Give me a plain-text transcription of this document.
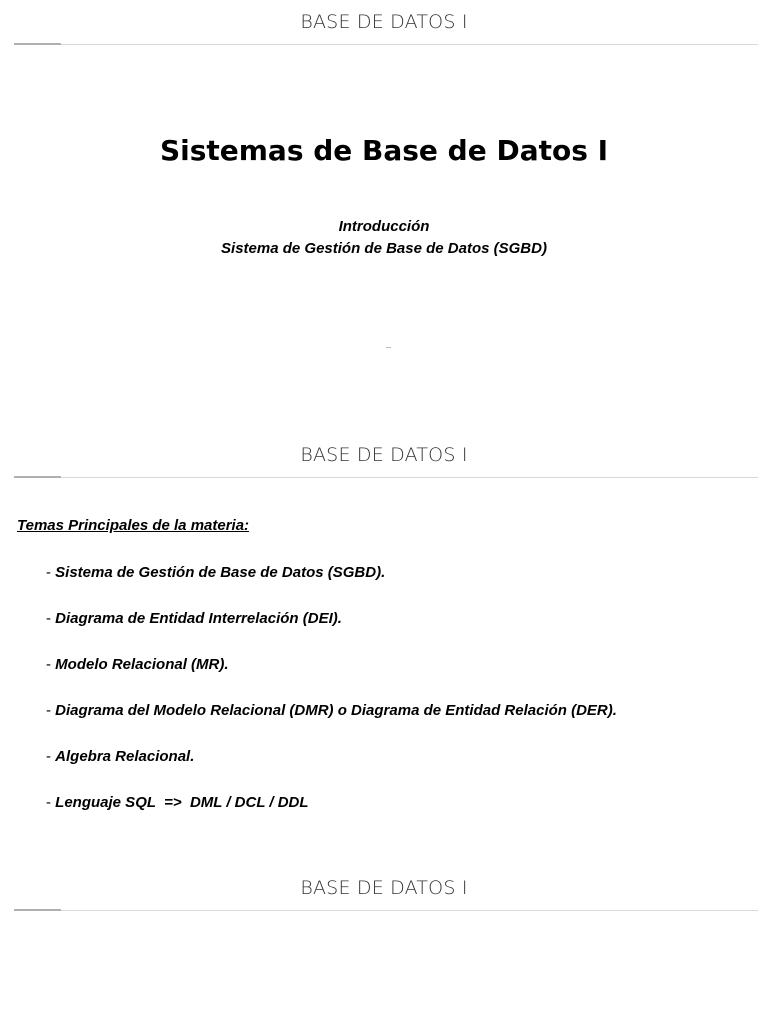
BASE DE DATOS I
Sistemas de Base de Datos I
Introducción
Sistema de Gestión de Base de Datos (SGBD)
BASE DE DATOS I
Temas Principales de la materia:
- Sistema de Gestión de Base de Datos (SGBD).
- Diagrama de Entidad Interrelación (DEI).
- Modelo Relacional (MR).
- Diagrama del Modelo Relacional (DMR) o Diagrama de Entidad Relación (DER).
- Algebra Relacional.
- Lenguaje SQL  =>  DML / DCL / DDL
BASE DE DATOS I
